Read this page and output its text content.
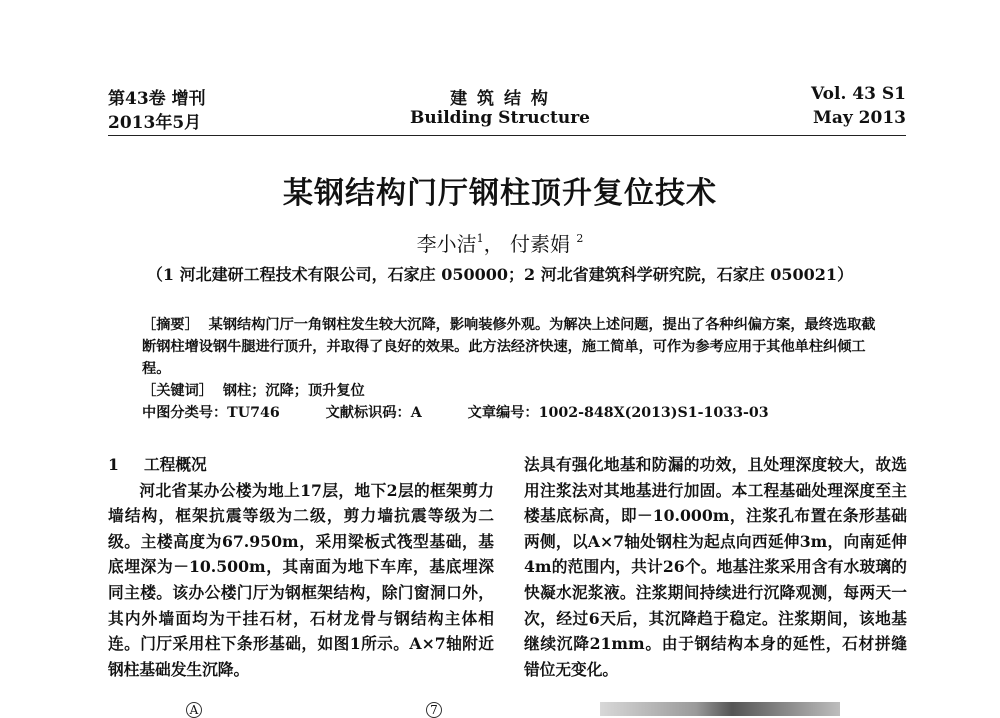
第43卷 增刊
2013年5月
建 筑 结 构
Building Structure
Vol. 43 S1
May 2013
某钢结构门厅钢柱顶升复位技术
李小洁$^1$， 付素娟 $^2$
（1 河北建研工程技术有限公司，石家庄 050000；2 河北省建筑科学研究院，石家庄 050021）

［摘要］ 某钢结构门厅一角钢柱发生较大沉降，影响装修外观。为解决上述问题，提出了各种纠偏方案，最终选取截断钢柱增设钢牛腿进行顶升，并取得了良好的效果。此方法经济快速，施工简单，可作为参考应用于其他单柱纠倾工程。

［关键词］ 钢柱；沉降；顶升复位

中图分类号：TU746	文献标识码：A	文章编号：1002-848X(2013)S1-1033-03

1 工程概况

河北省某办公楼为地上17层，地下2层的框架剪力墙结构，框架抗震等级为二级，剪力墙抗震等级为二级。主楼高度为67.950m，采用梁板式筏型基础，基底埋深为－10.500m，其南面为地下车库，基底埋深同主楼。该办公楼门厅为钢框架结构，除门窗洞口外，其内外墙面均为干挂石材，石材龙骨与钢结构主体相连。门厅采用柱下条形基础，如图1所示。A×7轴附近钢柱基础发生沉降。

法具有强化地基和防漏的功效，且处理深度较大，故选用注浆法对其地基进行加固。本工程基础处理深度至主楼基底标高，即－10.000m，注浆孔布置在条形基础两侧，以A×7轴处钢柱为起点向西延伸3m，向南延伸4m的范围内，共计26个。地基注浆采用含有水玻璃的快凝水泥浆液。注浆期间持续进行沉降观测，每两天一次，经过6天后，其沉降趋于稳定。注浆期间，该地基继续沉降21mm。由于钢结构本身的延性，石材拼缝错位无变化。

A	7
